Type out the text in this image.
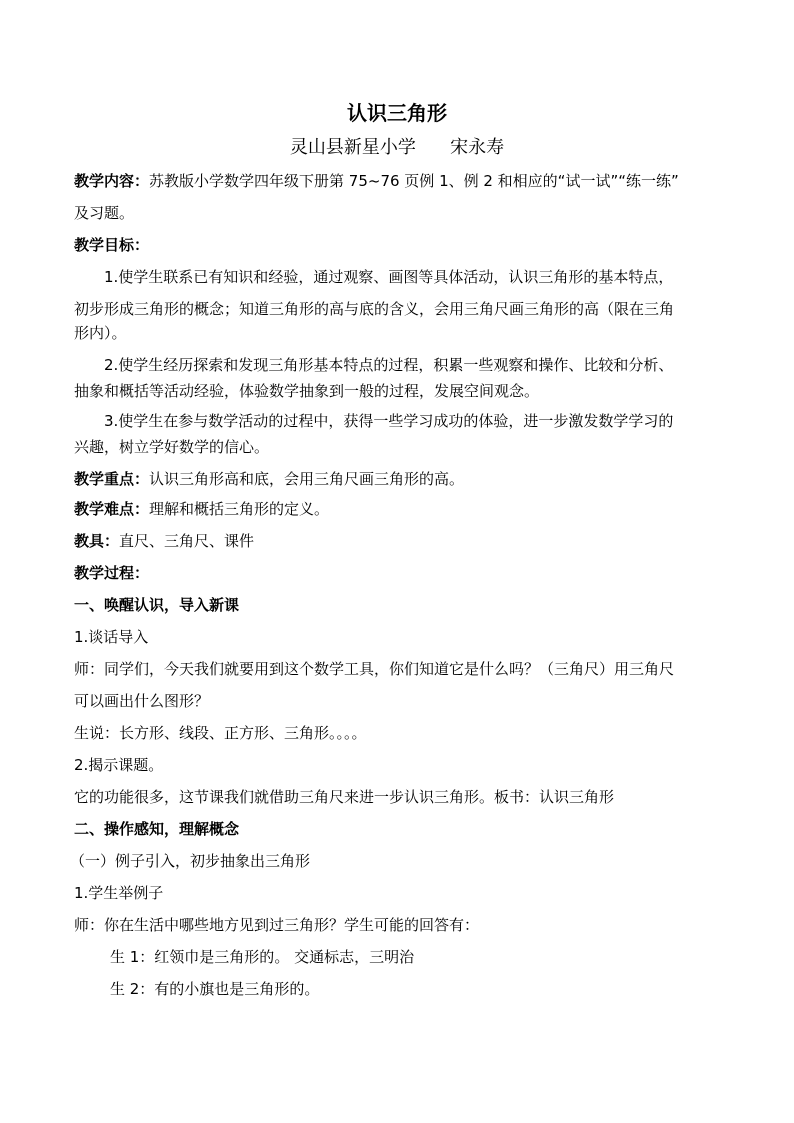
认识三角形
灵山县新星小学      宋永寿
教学内容：苏教版小学数学四年级下册第 75~76 页例 1、例 2 和相应的“试一试”“练一练”
及习题。
教学目标：
1.使学生联系已有知识和经验，通过观察、画图等具体活动，认识三角形的基本特点，
初步形成三角形的概念；知道三角形的高与底的含义，会用三角尺画三角形的高（限在三角
形内）。
2.使学生经历探索和发现三角形基本特点的过程，积累一些观察和操作、比较和分析、
抽象和概括等活动经验，体验数学抽象到一般的过程，发展空间观念。
3.使学生在参与数学活动的过程中，获得一些学习成功的体验，进一步激发数学学习的
兴趣，树立学好数学的信心。
教学重点：认识三角形高和底，会用三角尺画三角形的高。
教学难点：理解和概括三角形的定义。
教具：直尺、三角尺、课件
教学过程：
一、唤醒认识，导入新课
1.谈话导入
师：同学们，今天我们就要用到这个数学工具，你们知道它是什么吗？（三角尺）用三角尺
可以画出什么图形？
生说：长方形、线段、正方形、三角形。。。。
2.揭示课题。
它的功能很多，这节课我们就借助三角尺来进一步认识三角形。板书：认识三角形
二、操作感知，理解概念
（一）例子引入，初步抽象出三角形
1.学生举例子
师：你在生活中哪些地方见到过三角形？学生可能的回答有：
生 1：红领巾是三角形的。 交通标志，三明治
生 2：有的小旗也是三角形的。
